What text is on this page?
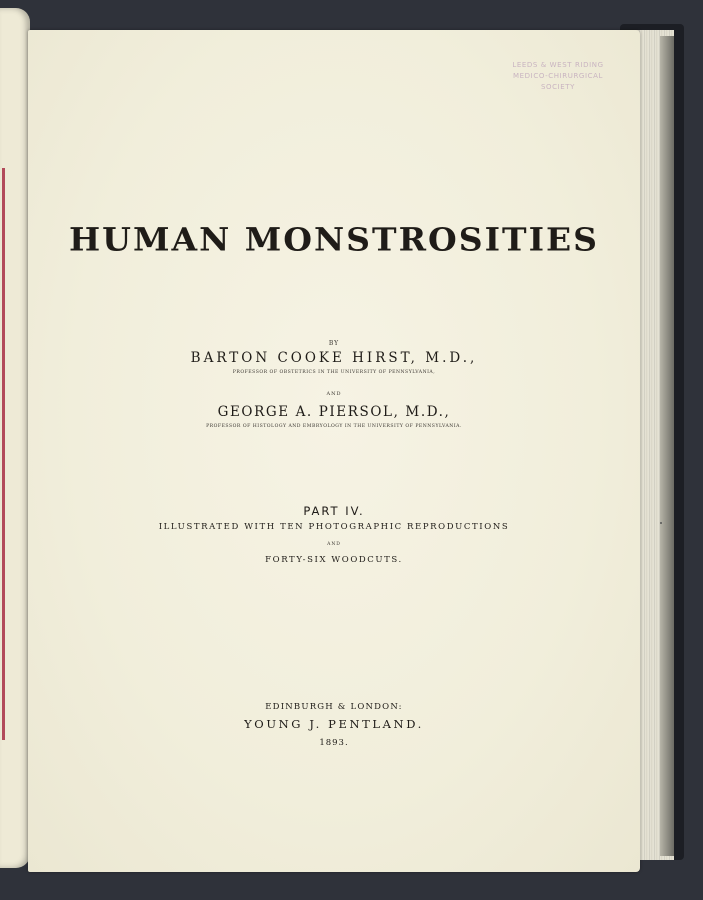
LEEDS & WEST RIDING
MEDICO-CHIRURGICAL SOCIETY
HUMAN MONSTROSITIES
BY
BARTON COOKE HIRST, M.D.,
PROFESSOR OF OBSTETRICS IN THE UNIVERSITY OF PENNSYLVANIA,
AND
GEORGE A. PIERSOL, M.D.,
PROFESSOR OF HISTOLOGY AND EMBRYOLOGY IN THE UNIVERSITY OF PENNSYLVANIA.
PART IV.
ILLUSTRATED WITH TEN PHOTOGRAPHIC REPRODUCTIONS
AND
FORTY-SIX WOODCUTS.
EDINBURGH & LONDON:
YOUNG J. PENTLAND.
1893.
